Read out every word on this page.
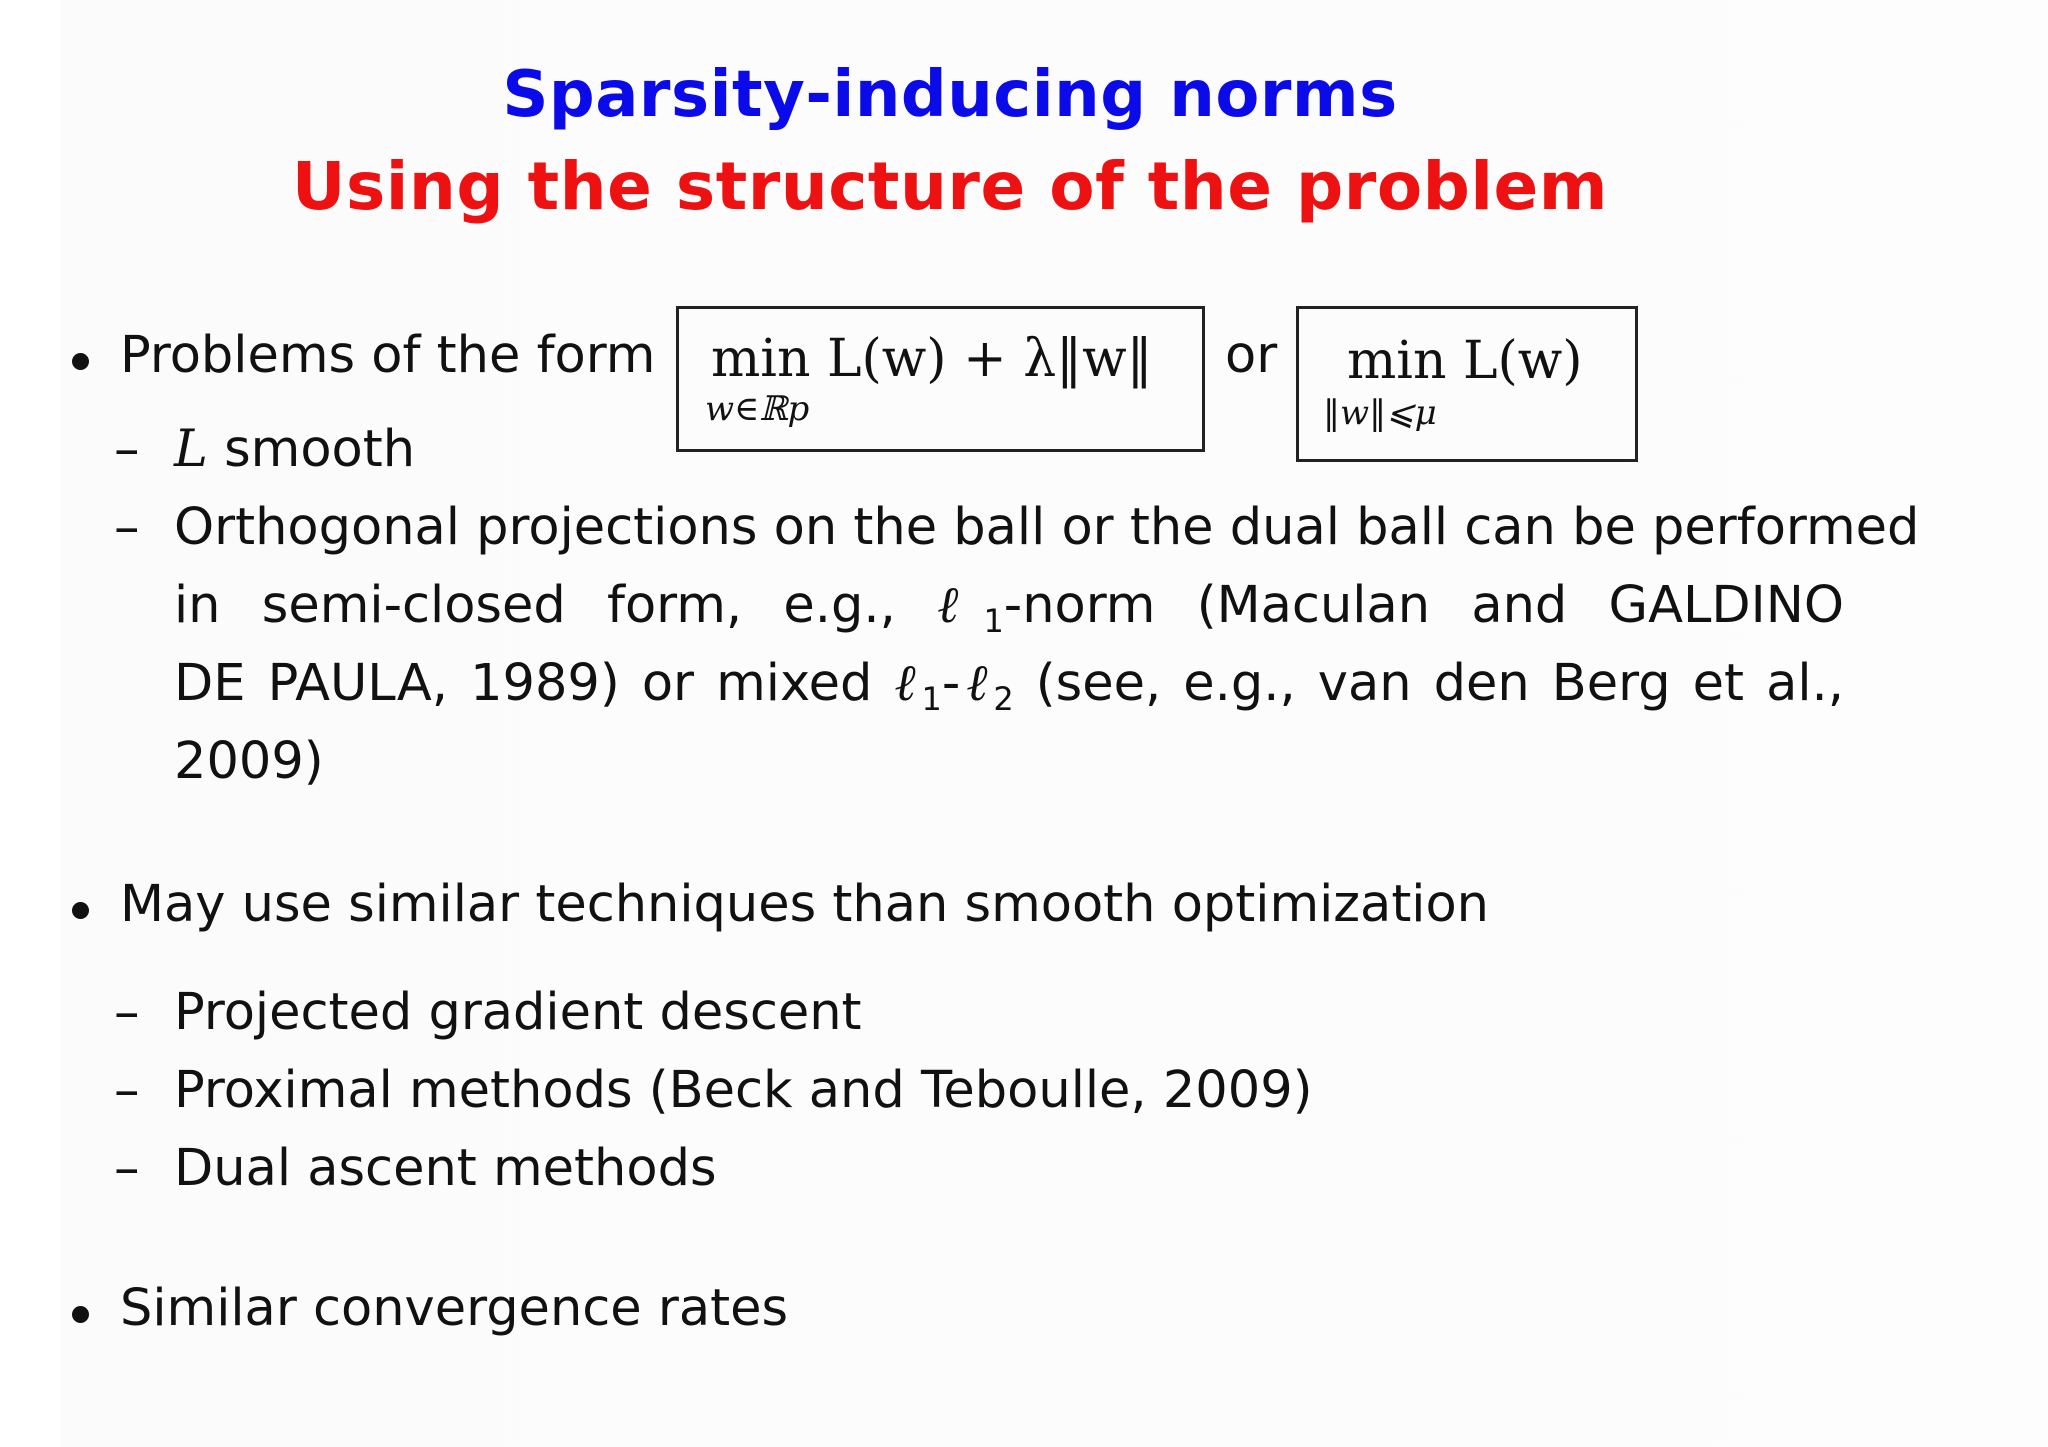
Sparsity-inducing norms
Using the structure of the problem
Problems of the form min L(w) + λ‖w‖
w∈ℝp
or min L(w)
‖w‖⩽μ
– L smooth
– Orthogonal projections on the ball or the dual ball can be performed
in semi-closed form, e.g., ℓ$_1$-norm (Maculan and GALDINO
DE PAULA, 1989) or mixed ℓ$_1$-ℓ$_2$ (see, e.g., van den Berg et al.,
2009)
May use similar techniques than smooth optimization
– Projected gradient descent
– Proximal methods (Beck and Teboulle, 2009)
– Dual ascent methods
Similar convergence rates
